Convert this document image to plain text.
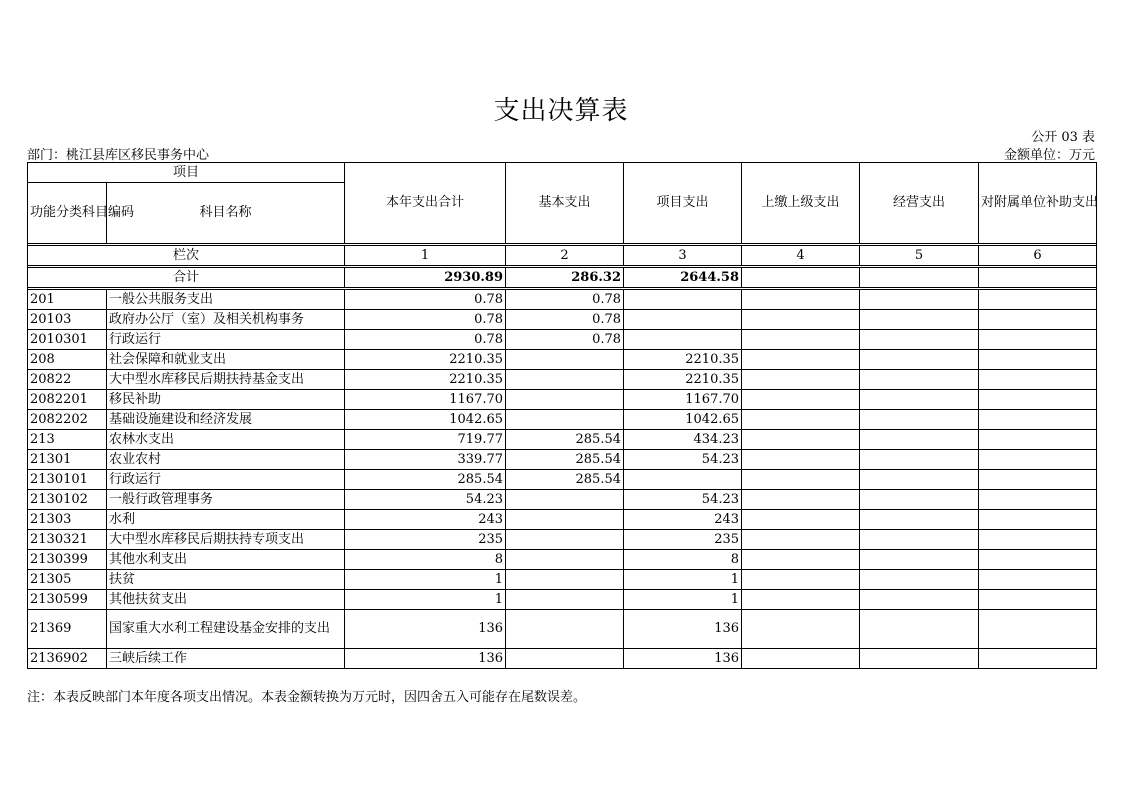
支出决算表
公开 03 表
部门：桃江县库区移民事务中心	金额单位：万元
项目		本年支出合计	基本支出	项目支出	上缴上级支出	经营支出	对附属单位补助支出
功能分类科目编码	科目名称						

栏次		1	2	3	4	5	6

合计		2930.89	286.32	2644.58			

201	一般公共服务支出	0.78	0.78				
20103	政府办公厅（室）及相关机构事务	0.78	0.78				
2010301	行政运行	0.78	0.78				
208	社会保障和就业支出	2210.35		2210.35			
20822	大中型水库移民后期扶持基金支出	2210.35		2210.35			
2082201	移民补助	1167.70		1167.70			
2082202	基础设施建设和经济发展	1042.65		1042.65			
213	农林水支出	719.77	285.54	434.23			
21301	农业农村	339.77	285.54	54.23			
2130101	行政运行	285.54	285.54				
2130102	一般行政管理事务	54.23		54.23			
21303	水利	243		243			
2130321	大中型水库移民后期扶持专项支出	235		235			
2130399	其他水利支出	8		8			
21305	扶贫	1		1			
2130599	其他扶贫支出	1		1			
21369	国家重大水利工程建设基金安排的支出	136		136			
2136902	三峡后续工作	136		136			
注：本表反映部门本年度各项支出情况。本表金额转换为万元时，因四舍五入可能存在尾数误差。
